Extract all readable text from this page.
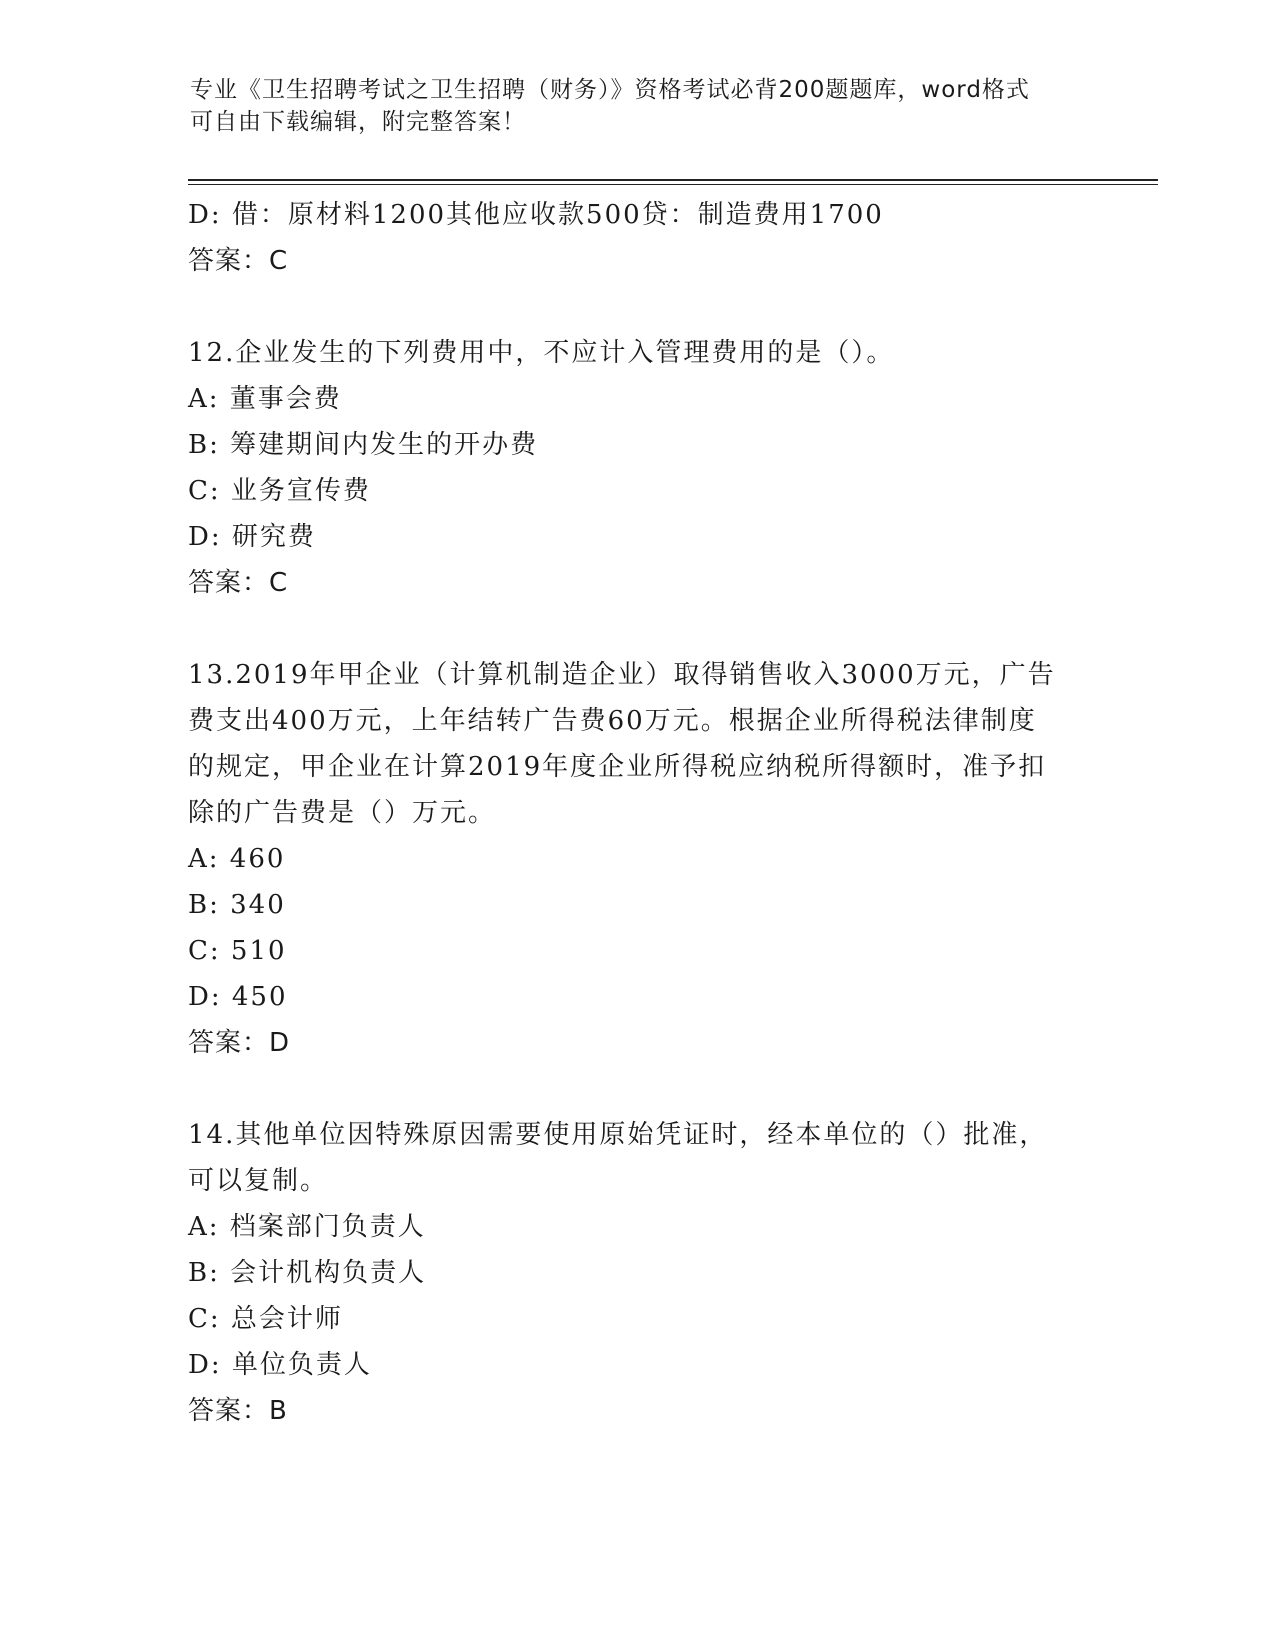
专业《卫生招聘考试之卫生招聘（财务）》资格考试必背200题题库，word格式
可自由下载编辑，附完整答案！
D: 借：原材料1200其他应收款500贷：制造费用1700
答案：C
12.企业发生的下列费用中，不应计入管理费用的是（）。
A: 董事会费
B: 筹建期间内发生的开办费
C: 业务宣传费
D: 研究费
答案：C
13.2019年甲企业（计算机制造企业）取得销售收入3000万元，广告
费支出400万元，上年结转广告费60万元。根据企业所得税法律制度
的规定，甲企业在计算2019年度企业所得税应纳税所得额时，准予扣
除的广告费是（）万元。
A: 460
B: 340
C: 510
D: 450
答案：D
14.其他单位因特殊原因需要使用原始凭证时，经本单位的（）批准，
可以复制。
A: 档案部门负责人
B: 会计机构负责人
C: 总会计师
D: 单位负责人
答案：B
